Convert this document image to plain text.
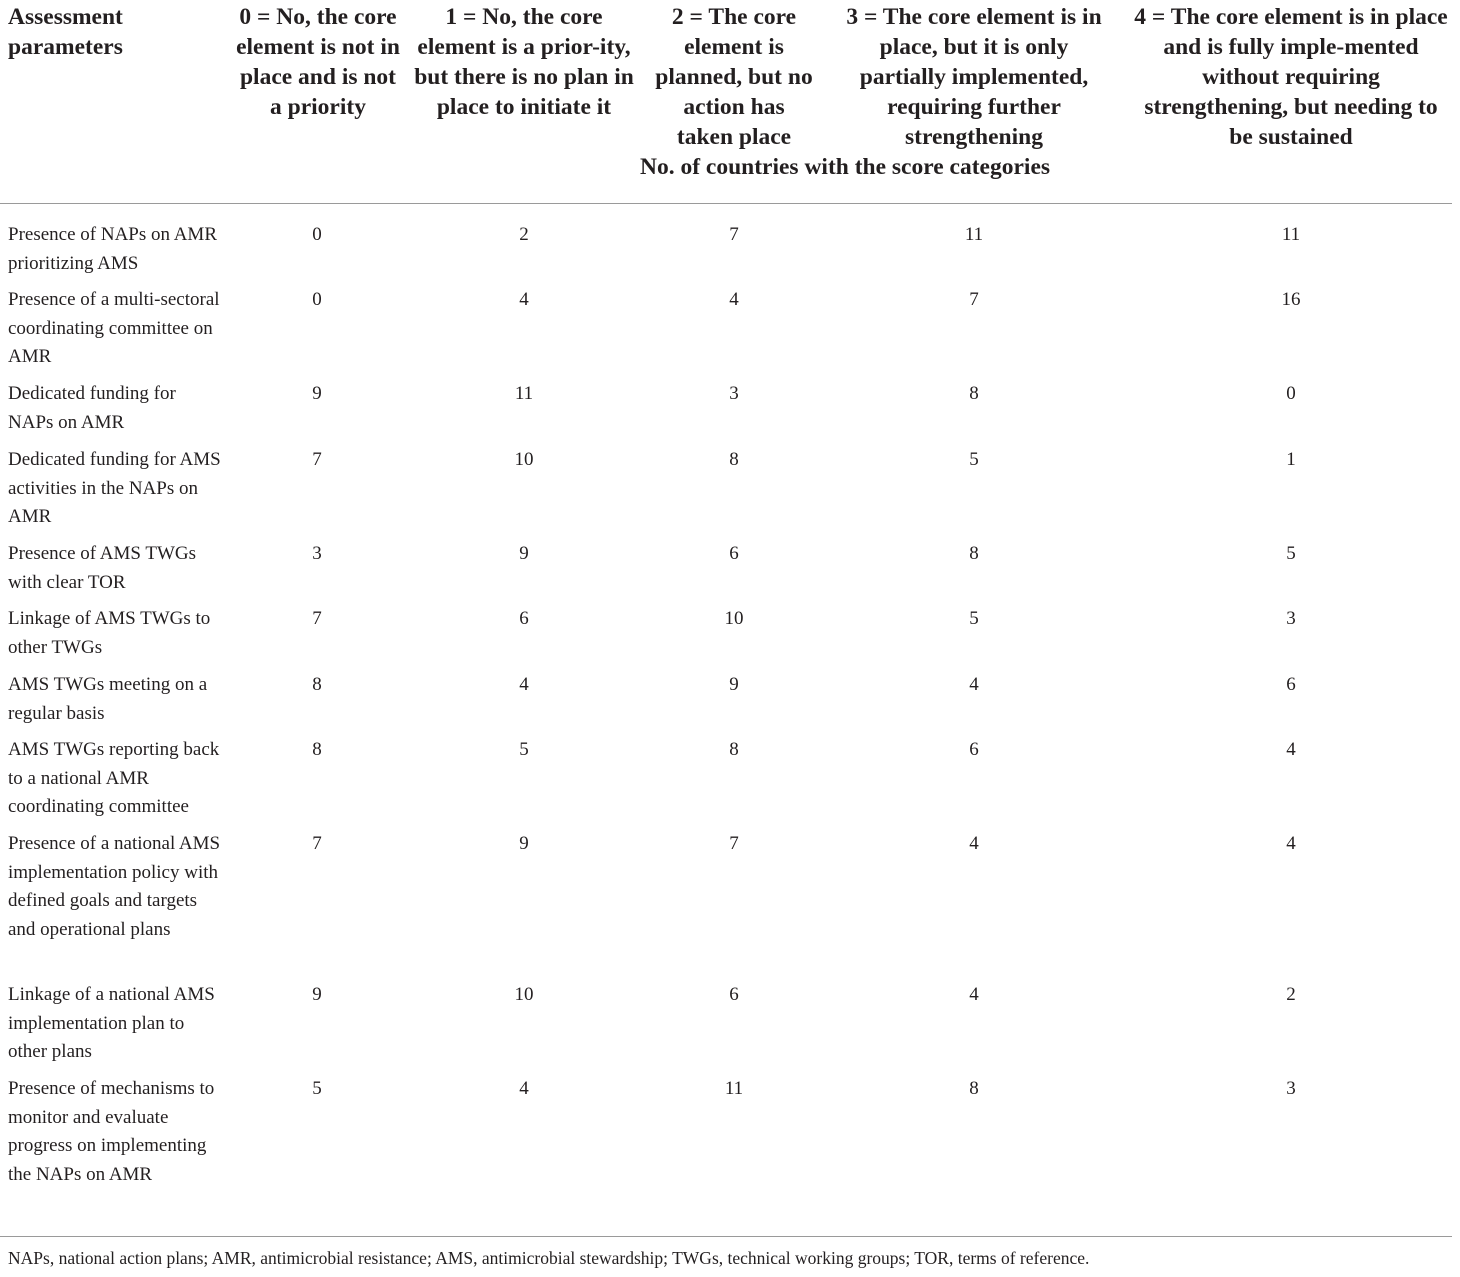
Assessment parameters
0 = No, the core element is not in place and is not a priority
1 = No, the core element is a prior-ity, but there is no plan in place to initiate it
2 = The core element is planned, but no action has taken place
3 = The core element is in place, but it is only partially implemented, requiring further strengthening
4 = The core element is in place and is fully imple-mented without requiring strengthening, but needing to be sustained
No. of countries with the score categories
Presence of NAPs on AMR prioritizing AMS
0	2	7	11	11
Presence of a multi-sectoral coordinating committee on AMR
0	4	4	7	16
Dedicated funding for NAPs on AMR
9	11	3	8	0
Dedicated funding for AMS activities in the NAPs on AMR
7	10	8	5	1
Presence of AMS TWGs with clear TOR
3	9	6	8	5
Linkage of AMS TWGs to other TWGs
7	6	10	5	3
AMS TWGs meeting on a regular basis
8	4	9	4	6
AMS TWGs reporting back to a national AMR coordinating committee
8	5	8	6	4
Presence of a national AMS implementation policy with defined goals and targets and operational plans
7	9	7	4	4
Linkage of a national AMS implementation plan to other plans
9	10	6	4	2
Presence of mechanisms to monitor and evaluate progress on implementing the NAPs on AMR
5	4	11	8	3
NAPs, national action plans; AMR, antimicrobial resistance; AMS, antimicrobial stewardship; TWGs, technical working groups; TOR, terms of reference.
